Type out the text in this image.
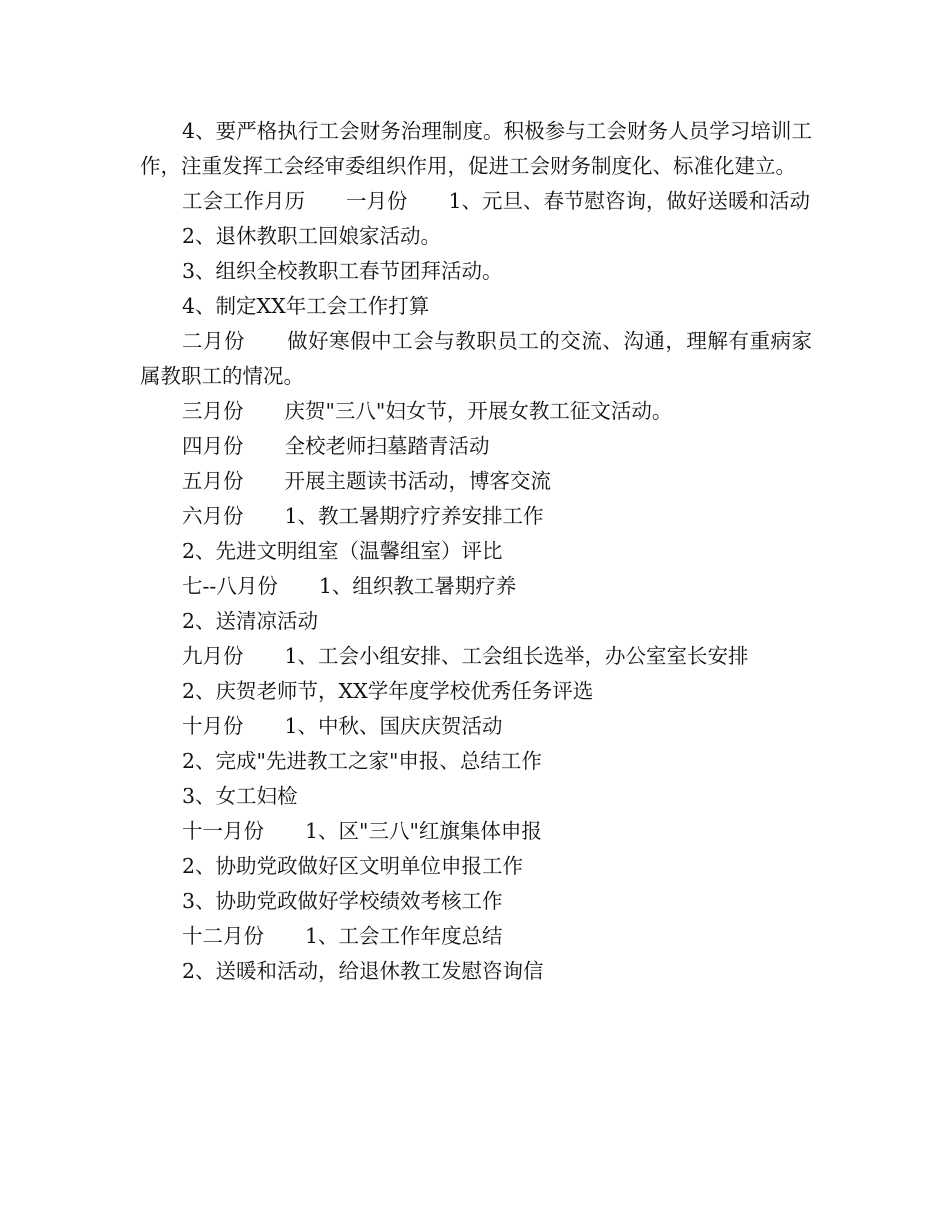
4、要严格执行工会财务治理制度。积极参与工会财务人员学习培训工作，注重发挥工会经审委组织作用，促进工会财务制度化、标准化建立。

工会工作月历　　一月份　　1、元旦、春节慰咨询，做好送暖和活动

2、退休教职工回娘家活动。

3、组织全校教职工春节团拜活动。

4、制定XX年工会工作打算

二月份　　做好寒假中工会与教职员工的交流、沟通，理解有重病家属教职工的情况。

三月份　　庆贺"三八"妇女节，开展女教工征文活动。

四月份　　全校老师扫墓踏青活动

五月份　　开展主题读书活动，博客交流

六月份　　1、教工暑期疗疗养安排工作

2、先进文明组室（温馨组室）评比

七--八月份　　1、组织教工暑期疗养

2、送清凉活动

九月份　　1、工会小组安排、工会组长选举，办公室室长安排

2、庆贺老师节，XX学年度学校优秀任务评选

十月份　　1、中秋、国庆庆贺活动

2、完成"先进教工之家"申报、总结工作

3、女工妇检

十一月份　　1、区"三八"红旗集体申报

2、协助党政做好区文明单位申报工作

3、协助党政做好学校绩效考核工作

十二月份　　1、工会工作年度总结

2、送暖和活动，给退休教工发慰咨询信
